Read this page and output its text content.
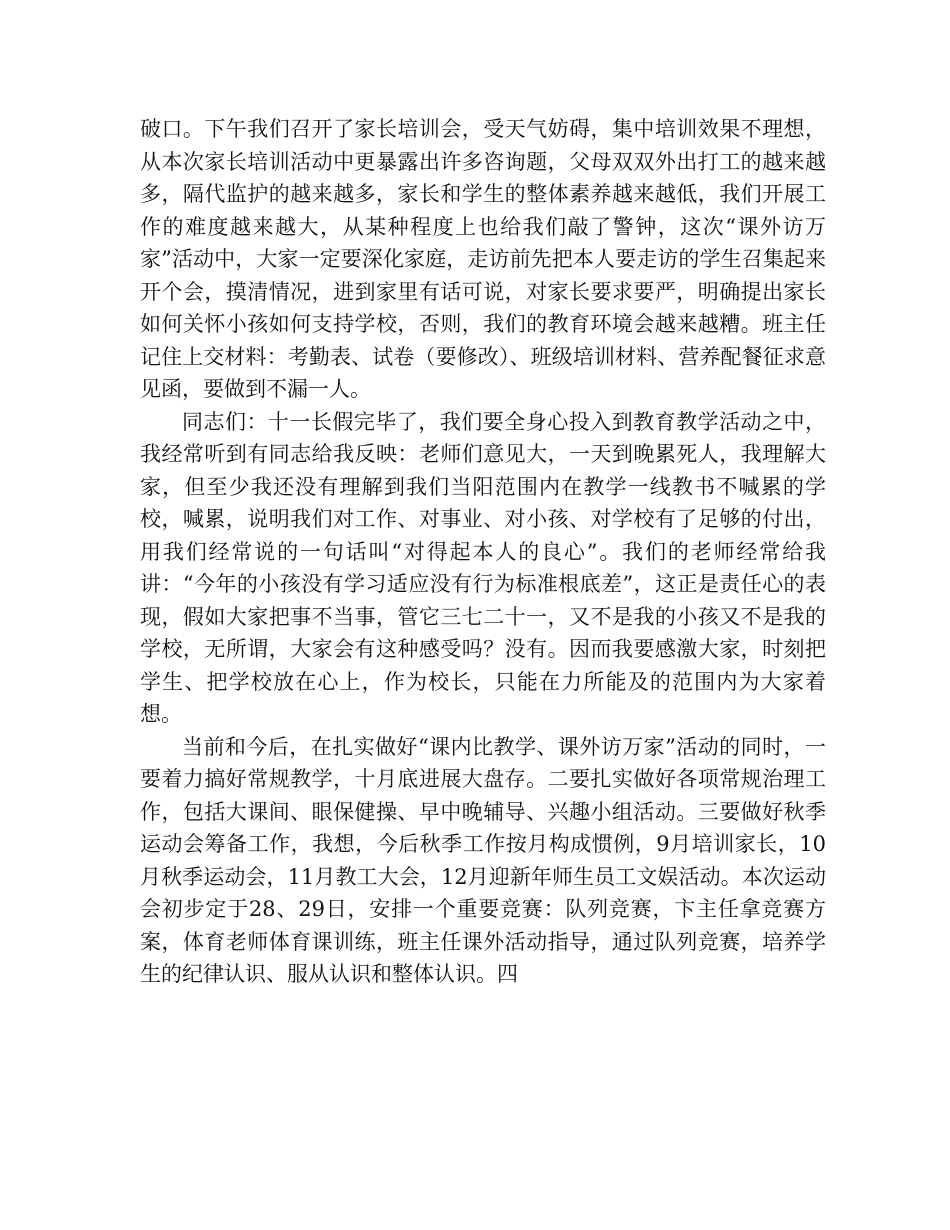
破口。下午我们召开了家长培训会，受天气妨碍，集中培训效果不理想，从本次家长培训活动中更暴露出许多咨询题，父母双双外出打工的越来越多，隔代监护的越来越多，家长和学生的整体素养越来越低，我们开展工作的难度越来越大，从某种程度上也给我们敲了警钟，这次“课外访万家”活动中，大家一定要深化家庭，走访前先把本人要走访的学生召集起来开个会，摸清情况，进到家里有话可说，对家长要求要严，明确提出家长如何关怀小孩如何支持学校，否则，我们的教育环境会越来越糟。班主任记住上交材料：考勤表、试卷（要修改）、班级培训材料、营养配餐征求意见函，要做到不漏一人。

同志们：十一长假完毕了，我们要全身心投入到教育教学活动之中，我经常听到有同志给我反映：老师们意见大，一天到晚累死人，我理解大家，但至少我还没有理解到我们当阳范围内在教学一线教书不喊累的学校，喊累，说明我们对工作、对事业、对小孩、对学校有了足够的付出，用我们经常说的一句话叫“对得起本人的良心”。我们的老师经常给我讲：“今年的小孩没有学习适应没有行为标准根底差”，这正是责任心的表现，假如大家把事不当事，管它三七二十一，又不是我的小孩又不是我的学校，无所谓，大家会有这种感受吗？没有。因而我要感激大家，时刻把学生、把学校放在心上，作为校长，只能在力所能及的范围内为大家着想。

当前和今后，在扎实做好“课内比教学、课外访万家”活动的同时，一要着力搞好常规教学，十月底进展大盘存。二要扎实做好各项常规治理工作，包括大课间、眼保健操、早中晚辅导、兴趣小组活动。三要做好秋季运动会筹备工作，我想，今后秋季工作按月构成惯例，9月培训家长，10月秋季运动会，11月教工大会，12月迎新年师生员工文娱活动。本次运动会初步定于28、29日，安排一个重要竞赛：队列竞赛，卞主任拿竞赛方案，体育老师体育课训练，班主任课外活动指导，通过队列竞赛，培养学生的纪律认识、服从认识和整体认识。四
